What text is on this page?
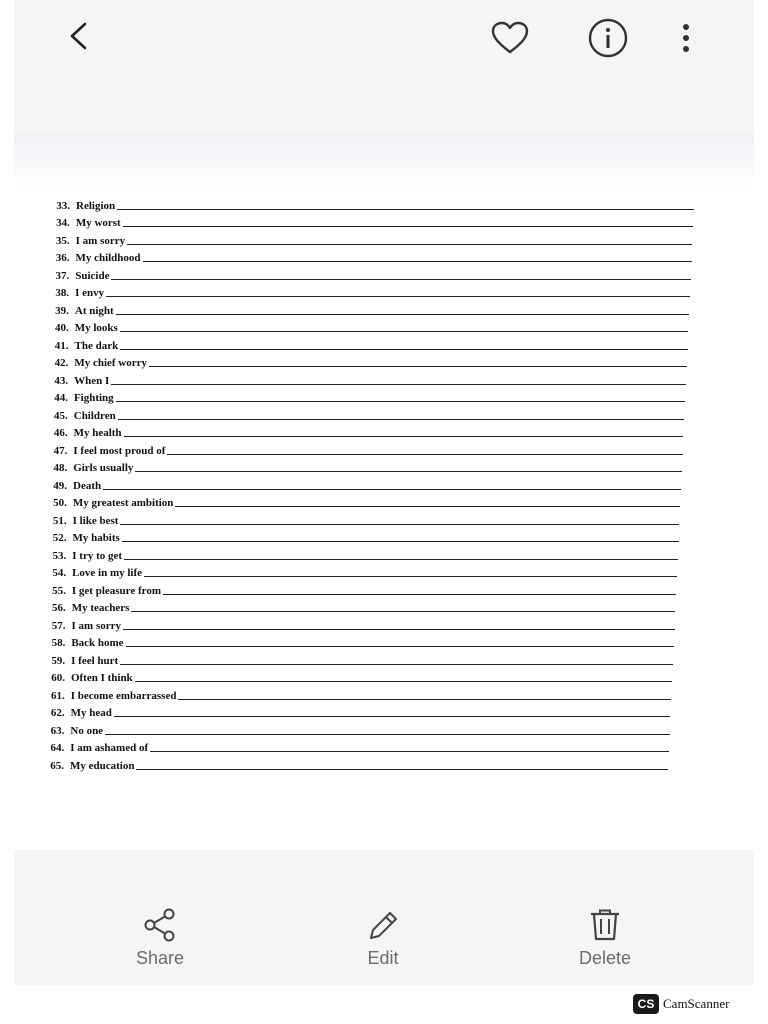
33. Religion
34. My worst
35. I am sorry
36. My childhood
37. Suicide
38. I envy
39. At night
40. My looks
41. The dark
42. My chief worry
43. When I
44. Fighting
45. Children
46. My health
47. I feel most proud of
48. Girls usually
49. Death
50. My greatest ambition
51. I like best
52. My habits
53. I try to get
54. Love in my life
55. I get pleasure from
56. My teachers
57. I am sorry
58. Back home
59. I feel hurt
60. Often I think
61. I become embarrassed
62. My head
63. No one
64. I am ashamed of
65. My education
Share	Edit	Delete
CS CamScanner
